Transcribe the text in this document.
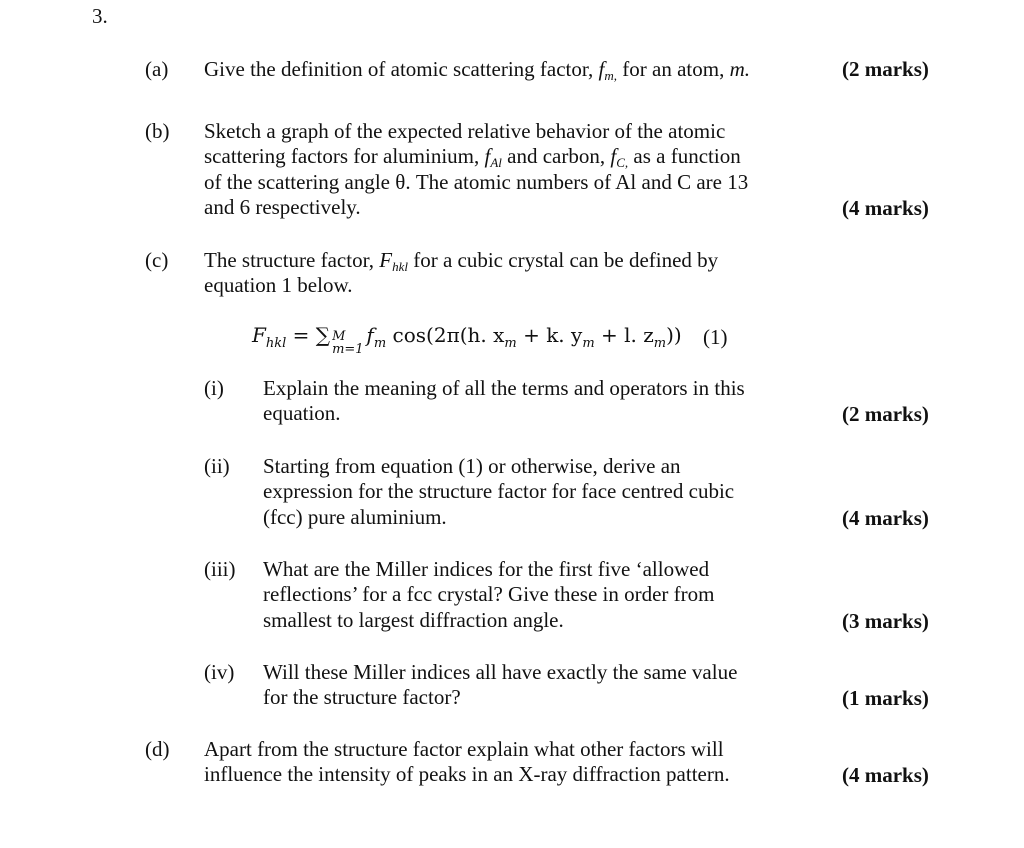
3.
(a) Give the definition of atomic scattering factor, fm, for an atom, m.	(2 marks)
(b) Sketch a graph of the expected relative behavior of the atomic
scattering factors for aluminium, fAl and carbon, fC, as a function
of the scattering angle θ. The atomic numbers of Al and C are 13
and 6 respectively.	(4 marks)
(c) The structure factor, Fhkl for a cubic crystal can be defined by
equation 1 below.
$F_{hkl}$ = ∑ M
m=1
$f_m$ cos(2π(h. $x_m + k$. $y_m + l$. $z_m$)) (1)
(i) Explain the meaning of all the terms and operators in this
equation.	(2 marks)
(ii) Starting from equation (1) or otherwise, derive an
expression for the structure factor for face centred cubic
(fcc) pure aluminium.	(4 marks)
(iii) What are the Miller indices for the first five ‘allowed
reflections’ for a fcc crystal? Give these in order from
smallest to largest diffraction angle.	(3 marks)
(iv) Will these Miller indices all have exactly the same value
for the structure factor?	(1 marks)
(d) Apart from the structure factor explain what other factors will
influence the intensity of peaks in an X-ray diffraction pattern.	(4 marks)
